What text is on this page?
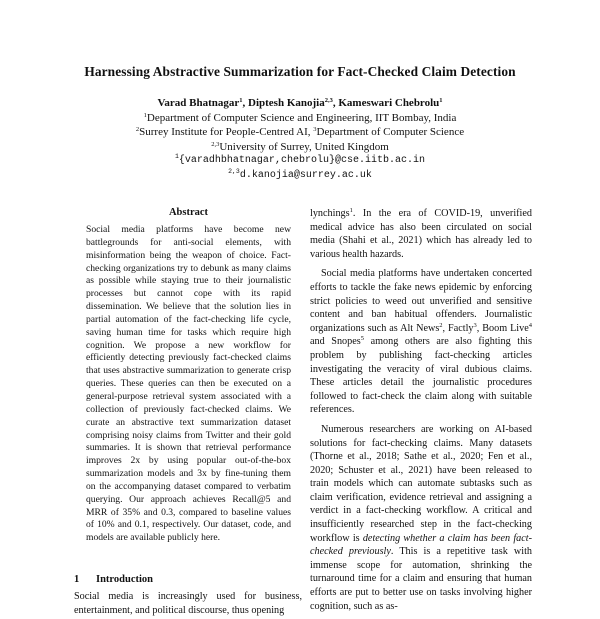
Harnessing Abstractive Summarization for Fact-Checked Claim Detection
Varad Bhatnagar$^1$, Diptesh Kanojia$^{2,3}$, Kameswari Chebrolu$^1$
$^1$Department of Computer Science and Engineering, IIT Bombay, India
$^2$Surrey Institute for People-Centred AI, $^3$Department of Computer Science
$^{2,3}$University of Surrey, United Kingdom
$^1${varadhbhatnagar,chebrolu}@cse.iitb.ac.in
$^{2,3}$d.kanojia@surrey.ac.uk
Abstract
Social media platforms have become new battlegrounds for anti-social elements, with misinformation being the weapon of choice. Fact-checking organizations try to debunk as many claims as possible while staying true to their journalistic processes but cannot cope with its rapid dissemination. We believe that the solution lies in partial automation of the fact-checking life cycle, saving human time for tasks which require high cognition. We propose a new workflow for efficiently detecting previously fact-checked claims that uses abstractive summarization to generate crisp queries. These queries can then be executed on a general-purpose retrieval system associated with a collection of previously fact-checked claims. We curate an abstractive text summarization dataset comprising noisy claims from Twitter and their gold summaries. It is shown that retrieval performance improves 2x by using popular out-of-the-box summarization models and 3x by fine-tuning them on the accompanying dataset compared to verbatim querying. Our approach achieves Recall@5 and MRR of 35% and 0.3, compared to baseline values of 10% and 0.1, respectively. Our dataset, code, and models are available publicly here.
1 Introduction
Social media is increasingly used for business, entertainment, and political discourse, thus opening

lynchings$^1$. In the era of COVID-19, unverified medical advice has also been circulated on social media (Shahi et al., 2021) which has already led to various health hazards.

Social media platforms have undertaken concerted efforts to tackle the fake news epidemic by enforcing strict policies to weed out unverified and sensitive content and ban habitual offenders. Journalistic organizations such as Alt News$^2$, Factly$^3$, Boom Live$^4$ and Snopes$^5$ among others are also fighting this problem by publishing fact-checking articles investigating the veracity of viral dubious claims. These articles detail the journalistic procedures followed to fact-check the claim along with suitable references.

Numerous researchers are working on AI-based solutions for fact-checking claims. Many datasets (Thorne et al., 2018; Sathe et al., 2020; Fen et al., 2020; Schuster et al., 2021) have been released to train models which can automate subtasks such as claim verification, evidence retrieval and assigning a verdict in a fact-checking workflow. A critical and insufficiently researched step in the fact-checking workflow is detecting whether a claim has been fact-checked previously. This is a repetitive task with immense scope for automation, shrinking the turnaround time for a claim and ensuring that human efforts are put to better use on tasks involving higher cognition, such as as-
